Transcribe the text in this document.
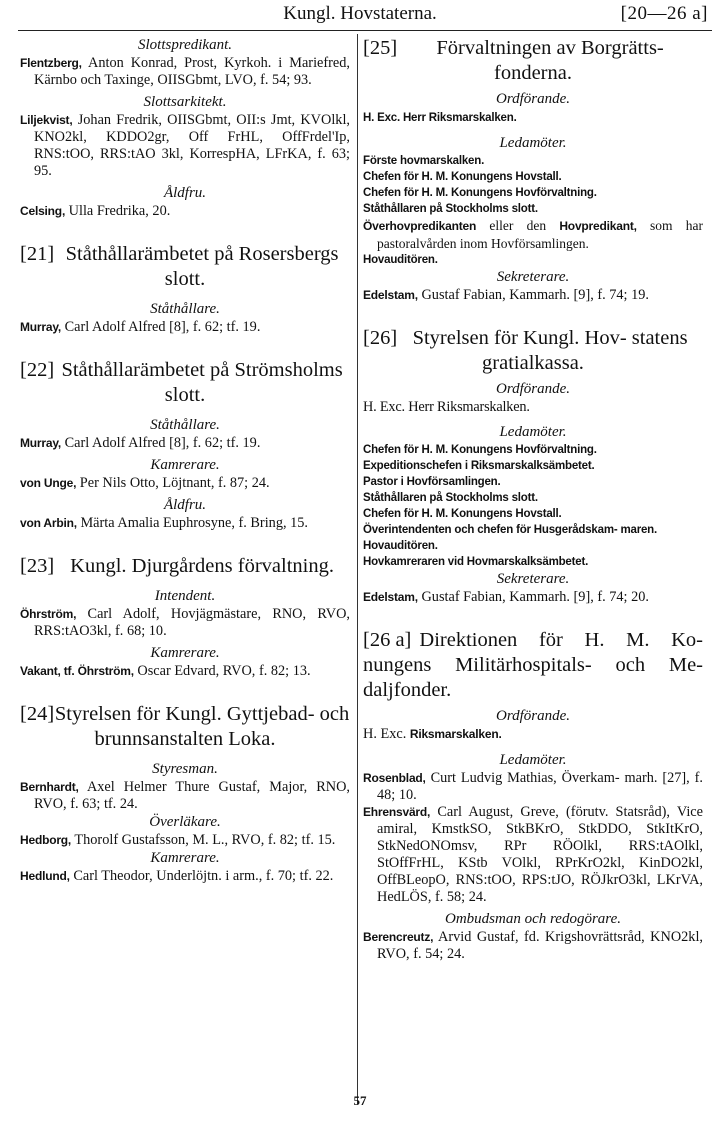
Kungl. Hovstaterna.	[20—26 a]

Slottspredikant.

Flentzberg, Anton Konrad, Prost, Kyrkoh. i Mariefred, Kärnbo och Taxinge, OIISGbmt, LVO, f. 54; 93.

Slottsarkitekt.

Liljekvist, Johan Fredrik, OIISGbmt, OII:s Jmt, KVOlkl, KNO2kl, KDDO2gr, Off FrHL, OffFrdel'Ip, RNS:tOO, RRS:tAO 3kl, KorrespHA, LFrKA, f. 63; 95.

Åldfru.

Celsing, Ulla Fredrika, 20.

[21] Ståthållarämbetet på Rosersbergs slott.

Ståthållare.

Murray, Carl Adolf Alfred [8], f. 62; tf. 19.

[22] Ståthållarämbetet på Strömsholms slott.

Ståthållare.

Murray, Carl Adolf Alfred [8], f. 62; tf. 19.

Kamrerare.

von Unge, Per Nils Otto, Löjtnant, f. 87; 24.

Åldfru.

von Arbin, Märta Amalia Euphrosyne, f. Bring, 15.

[23] Kungl. Djurgårdens förvaltning.

Intendent.

Öhrström, Carl Adolf, Hovjägmästare, RNO, RVO, RRS:tAO3kl, f. 68; 10.

Kamrerare.

Vakant, tf. Öhrström, Oscar Edvard, RVO, f. 82; 13.

[24] Styrelsen för Kungl. Gyttjebad- och brunnsanstalten Loka.

Styresman.

Bernhardt, Axel Helmer Thure Gustaf, Major, RNO, RVO, f. 63; tf. 24.

Överläkare.

Hedborg, Thorolf Gustafsson, M. L., RVO, f. 82; tf. 15.

Kamrerare.

Hedlund, Carl Theodor, Underlöjtn. i arm., f. 70; tf. 22.

[25] Förvaltningen av Borgrätts- fonderna.

Ordförande.

H. Exc. Herr Riksmarskalken.

Ledamöter.

Förste hovmarskalken.

Chefen för H. M. Konungens Hovstall.

Chefen för H. M. Konungens Hovförvaltning.

Ståthållaren på Stockholms slott.

Överhovpredikanten eller den Hovpredikant, som har pastoralvården inom Hovförsamlingen.

Hovauditören.

Sekreterare.

Edelstam, Gustaf Fabian, Kammarh. [9], f. 74; 19.

[26] Styrelsen för Kungl. Hov- statens gratialkassa.

Ordförande.

H. Exc. Herr Riksmarskalken.

Ledamöter.

Chefen för H. M. Konungens Hovförvaltning.

Expeditionschefen i Riksmarskalksämbetet.

Pastor i Hovförsamlingen.

Ståthållaren på Stockholms slott.

Chefen för H. M. Konungens Hovstall.

Överintendenten och chefen för Husgerådskam- maren.

Hovauditören.

Hovkamreraren vid Hovmarskalksämbetet.

Sekreterare.

Edelstam, Gustaf Fabian, Kammarh. [9], f. 74; 20.

[26 a] Direktionen för H. M. Ko- nungens Militärhospitals- och Me- daljfonder.

Ordförande.

H. Exc. Riksmarskalken.

Ledamöter.

Rosenblad, Curt Ludvig Mathias, Överkam- marh. [27], f. 48; 10.

Ehrensvärd, Carl August, Greve, (förutv. Statsråd), Vice amiral, KmstkSO, StkBKrO, StkDDO, StkItKrO, StkNedONOmsv, RPr RÖOlkl, RRS:tAOlkl, StOffFrHL, KStb VOlkl, RPrKrO2kl, KinDO2kl, OffBLeopO, RNS:tOO, RPS:tJO, RÖJkrO3kl, LKrVA, HedLÖS, f. 58; 24.

Ombudsman och redogörare.

Berencreutz, Arvid Gustaf, fd. Krigshovrättsråd, KNO2kl, RVO, f. 54; 24.

57
